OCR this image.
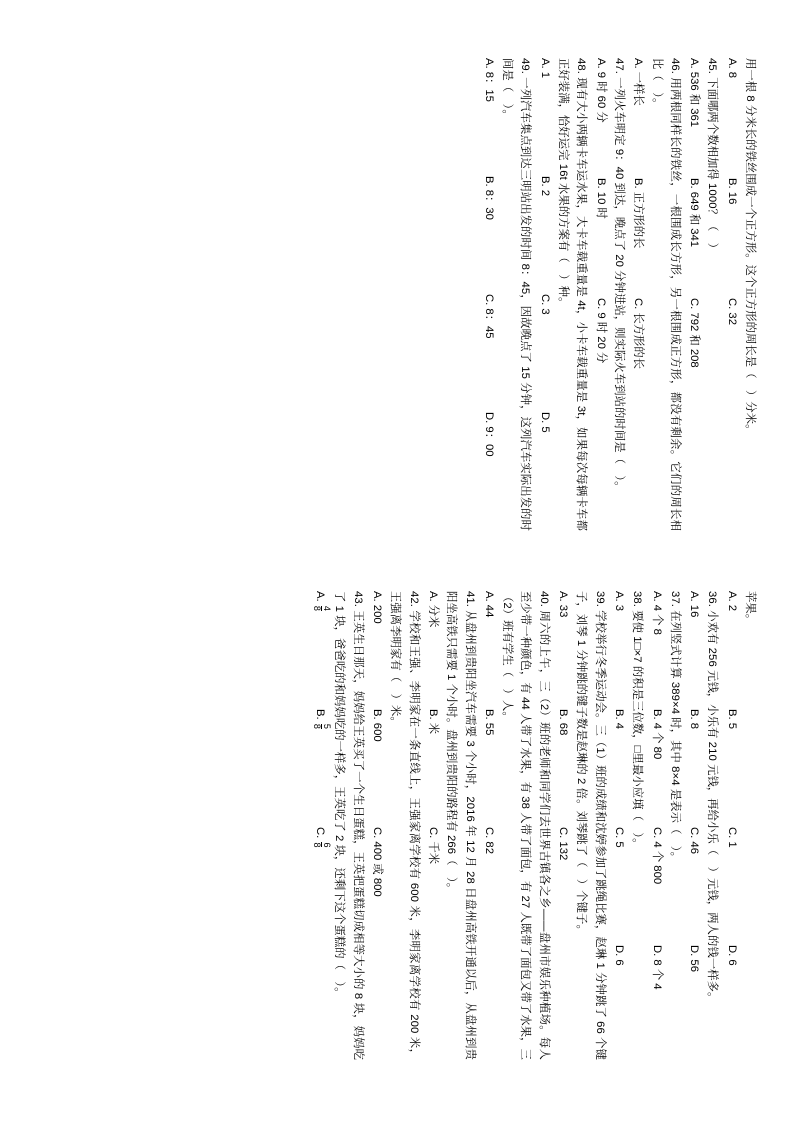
用一根 8 分米长的铁丝围成一个正方形。这个正方形的周长是（　）分米。
A. 8
B. 16
C. 32
45. 下面哪两个数相加得 1000？（　）
A. 536 和 361
B. 649 和 341
C. 792 和 208
46. 用两根同样长的铁丝，一根围成长方形，另一根围成正方形，都没有剩余。它们的周长相比（　）。
A. 一样长
B. 正方形的长
C. 长方形的长
47. 一列火车明定 9：40 到达，晚点了 20 分钟进站，则实际火车到站的时间是（　）。
A. 9 时 60 分
B. 10 时
C. 9 时 20 分
48. 现有大小两辆卡车运水果，大卡车载重量是 4t，小卡车载重量是 3t，如果每次每辆卡车都正好装满，恰好运完 16t 水果的方案有（　）种。
A. 1
B. 2
C. 3
D. 5
49. 一列汽车集点到达三明站出发的时间 8：45，因故晚点了 15 分钟，这列汽车实际出发的时间是（　）。
A. 8：15
B. 8：30
C. 8：45
D. 9：00
苹果。
A. 2
B. 5
C. 1
D. 6
36. 小欢有 256 元钱，小乐有 210 元钱，再给小乐（　）元钱，两人的钱一样多。
A. 16
B. 8
C. 46
D. 56
37. 在列竖式计算 389×4 时，其中 8×4 是表示（　）。
A. 4 个 8
B. 4 个 80
C. 4 个 800
D. 8 个 4
38. 要使 1□×7 的积是三位数，□里最小应填（　）。
A. 3
B. 4
C. 5
D. 6
39. 学校举行冬季运动会。三（1）班的成绩和沈婷参加了跳绳比赛，赵琳 1 分钟跳了 66 个键子，刘琴 1 分钟跳的键子数是赵琳的 2 倍。刘琴跳了（　）个键子。
A. 33
B. 68
C. 132
40. 周六的上午，三（2）班的老师和同学们去世界古镇各之乡——盘州市娱乐种植场。每人至少带一种颜色，有 44 人带了水果，有 38 人带了面包，有 27 人既带了面包又带了水果，三（2）班有学生（　）人。
A. 44
B. 55
C. 82
41. 从盘州到贵阳坐汽车需要 3 个小时，2016 年 12 月 28 日盘州高铁开通以后，从盘州到贵阳坐高铁只需要 1 个小时。盘州到贵阳的路程有 266（　）。
A. 分米
B. 米
C. 千米
42. 学校和王强、李明家在一条直线上，王强家离学校有 600 米，李明家离学校有 200 米，王强离李明家有（　）米。
A. 200
B. 600
C. 400 或 800
43. 王英生日那天，妈妈给王英买了一个生日蛋糕，王英把蛋糕切成相等大小的 8 块，妈妈吃了 1 块，爸爸吃的和妈妈吃的一样多，王英吃了 2 块，还剩下这个蛋糕的（　）。
A.
4
8
B.
5
8
C.
6
8
